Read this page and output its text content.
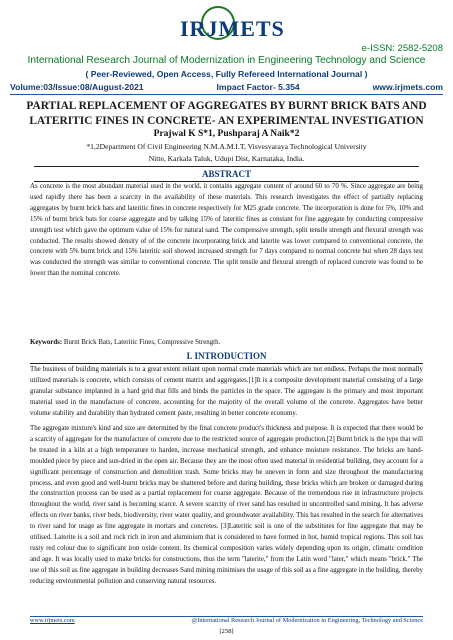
IRJMETS
e-ISSN: 2582-5208
International Research Journal of Modernization in Engineering Technology and Science
( Peer-Reviewed, Open Access, Fully Refereed International Journal )
Volume:03/Issue:08/August-2021	Impact Factor- 5.354	www.irjmets.com
PARTIAL REPLACEMENT OF AGGREGATES BY BURNT BRICK BATS AND LATERITIC FINES IN CONCRETE- AN EXPERIMENTAL INVESTIGATION
Prajwal K S*1, Pushparaj A Naik*2
*1,2Department Of Civil Engineering N.M.A.M.I.T, Visvesvaraya Technological University
Nitte, Karkala Taluk, Udupi Dist, Karnataka, India.
ABSTRACT
As concrete is the most abundant material used in the world, it contains aggregate content of around 60 to 70 %. Since aggregate are being used rapidly there has been a scarcity in the availability of these materials. This research investigates the effect of partially replacing aggregates by burnt brick bats and lateritic fines in concrete respectively for M25 grade concrete. The incorporation is done for 5%, 10% and 15% of burnt brick bats for coarse aggregate and by talking 15% of lateritic fines as constant for fine aggregate by conducting compressive strength test which gave the optimum value of 15% for natural sand. The compressive strength, split tensile strength and flexural strength was conducted. The results showed density of of the concrete incorporating brick and laterite was lower compared to conventional concrete, the concrete with 5% burnt brick and 15% lateritic soil showed increased strength for 7 days compared to normal concrete but when 28 days test was conducted the strength was similar to conventional concrete. The split tensile and flexural strength of replaced concrete was found to be lower than the nominal concrete.
Keywords: Burnt Brick Bats, Lateritic Fines, Compressive Strength.
I. INTRODUCTION
The business of building materials is to a great extent reliant upon normal crude materials which are not endless. Perhaps the most normally utilized materials is concrete, which consists of cement matrix and aggregates.[1]It is a composite development material consisting of a large granular substance implanted in a hard grid that fills and binds the particles in the space. The aggregate is the primary and most important material used in the manufacture of concrete, accounting for the majority of the overall volume of the concrete. Aggregates have better volume stability and durability than hydrated cement paste, resulting in better concrete economy.
The aggregate mixture's kind and size are determined by the final concrete product's thickness and purpose. It is expected that there would be a scarcity of aggregate for the manufacture of concrete due to the restricted source of aggregate production.[2] Burnt brick is the type that will be treated in a kiln at a high temperature to harden, increase mechanical strength, and enhance moisture resistance. The bricks are hand-moulded piece by piece and sun-dried in the open air. Because they are the most often used material in residential building, they account for a significant percentage of construction and demolition trash. Some bricks may be uneven in form and size throughout the manufacturing process, and even good and well-burnt bricks may be shattered before and during building, these bricks which are broken or damaged during the construction process can be used as a partial replacement for coarse aggregate. Because of the tremendous rise in infrastructure projects throughout the world, river sand is becoming scarce. A severe scarcity of river sand has resulted in uncontrolled sand mining. It has adverse effects on river banks, river beds, biodiversity, river water quality, and groundwater availability. This has resulted in the search for alternatives to river sand for usage as fine aggregate in mortars and concretes. [3]Lateritic soil is one of the substitutes for fine aggregate that may be utilised. Laterite is a soil and rock rich in iron and aluminium that is considered to have formed in hot, humid tropical regions. This soil has rusty red colour due to significant iron oxide content. Its chemical composition varies widely depending upon its origin, climatic condition and age. It was locally used to make bricks for constructions, thus the term "laterite," from the Latin word "later," which means "brick." The use of this soil as fine aggregate in building decreases Sand mining minimises the usage of this soil as a fine aggregate in the building, thereby reducing environmental pollution and conserving natural resources.
www.irjmets.com	@International Research Journal of Modernization in Engineering, Technology and Science
[258]
